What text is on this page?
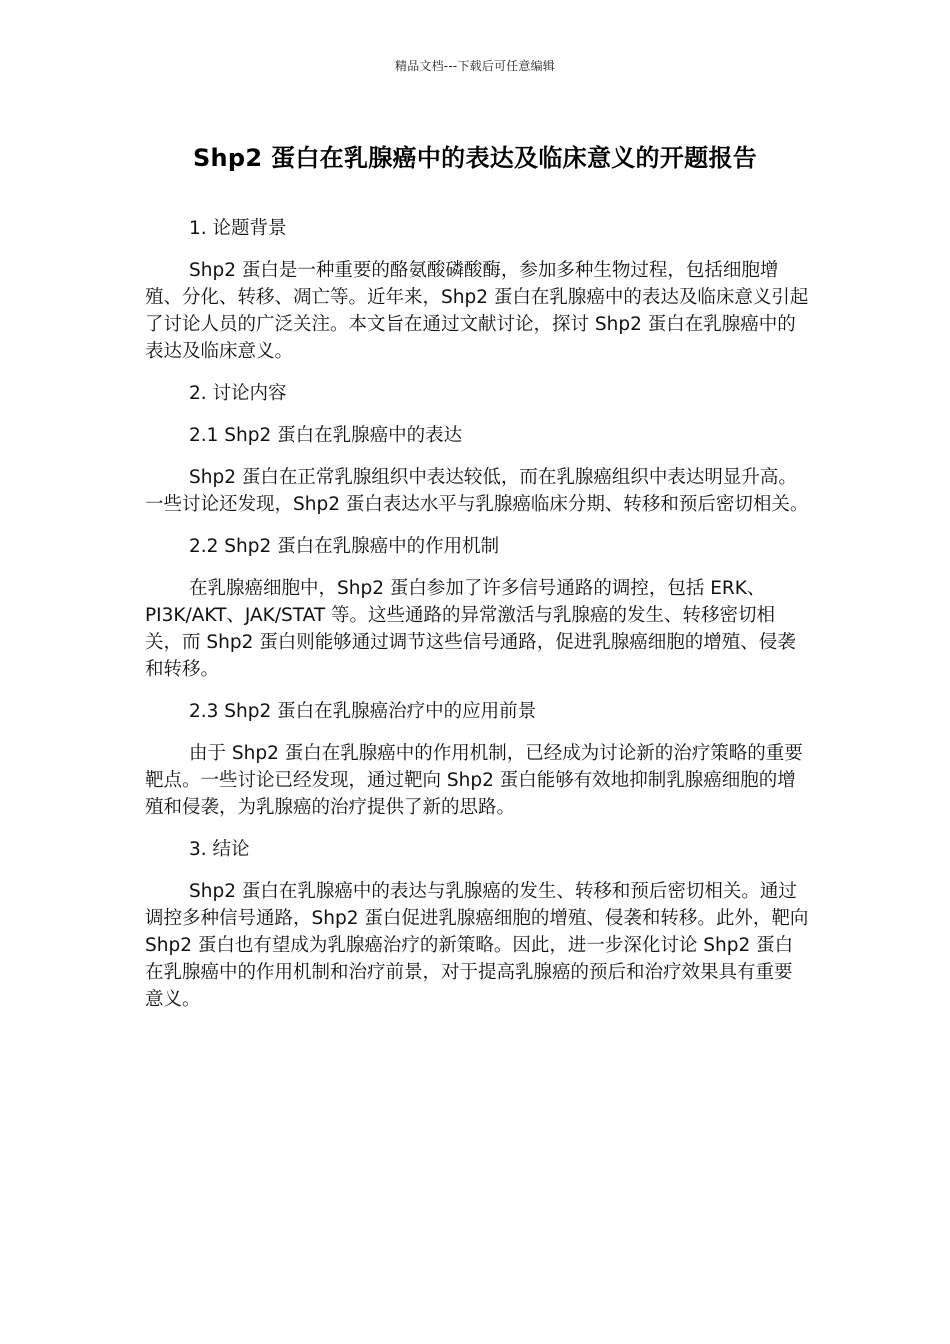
精品文档---下载后可任意编辑
Shp2 蛋白在乳腺癌中的表达及临床意义的开题报告

1. 论题背景

Shp2 蛋白是一种重要的酪氨酸磷酸酶，参加多种生物过程，包括细胞增殖、分化、转移、凋亡等。近年来，Shp2 蛋白在乳腺癌中的表达及临床意义引起了讨论人员的广泛关注。本文旨在通过文献讨论，探讨 Shp2 蛋白在乳腺癌中的表达及临床意义。

2. 讨论内容

2.1 Shp2 蛋白在乳腺癌中的表达

Shp2 蛋白在正常乳腺组织中表达较低，而在乳腺癌组织中表达明显升高。一些讨论还发现，Shp2 蛋白表达水平与乳腺癌临床分期、转移和预后密切相关。

2.2 Shp2 蛋白在乳腺癌中的作用机制

在乳腺癌细胞中，Shp2 蛋白参加了许多信号通路的调控，包括 ERK、PI3K/AKT、JAK/STAT 等。这些通路的异常激活与乳腺癌的发生、转移密切相关，而 Shp2 蛋白则能够通过调节这些信号通路，促进乳腺癌细胞的增殖、侵袭和转移。

2.3 Shp2 蛋白在乳腺癌治疗中的应用前景

由于 Shp2 蛋白在乳腺癌中的作用机制，已经成为讨论新的治疗策略的重要靶点。一些讨论已经发现，通过靶向 Shp2 蛋白能够有效地抑制乳腺癌细胞的增殖和侵袭，为乳腺癌的治疗提供了新的思路。

3. 结论

Shp2 蛋白在乳腺癌中的表达与乳腺癌的发生、转移和预后密切相关。通过调控多种信号通路，Shp2 蛋白促进乳腺癌细胞的增殖、侵袭和转移。此外，靶向 Shp2 蛋白也有望成为乳腺癌治疗的新策略。因此，进一步深化讨论 Shp2 蛋白在乳腺癌中的作用机制和治疗前景，对于提高乳腺癌的预后和治疗效果具有重要意义。
